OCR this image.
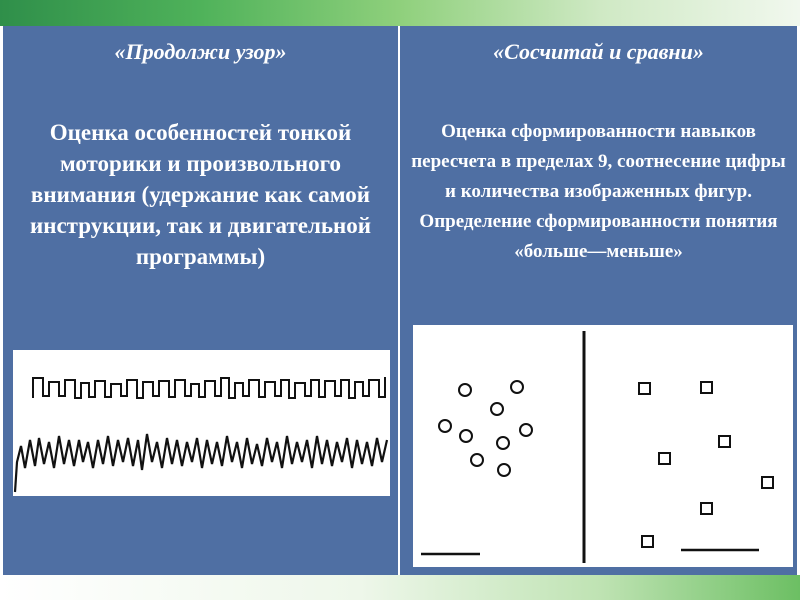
«Продолжи узор»
Оценка особенностей тонкой моторики и произвольного внимания (удержание как самой инструкции, так и двигательной программы)
«Сосчитай и сравни»
Оценка сформированности навыков пересчета в пределах 9, соотнесение цифры и количества изображенных фигур. Определение сформированности понятия «больше—меньше»
